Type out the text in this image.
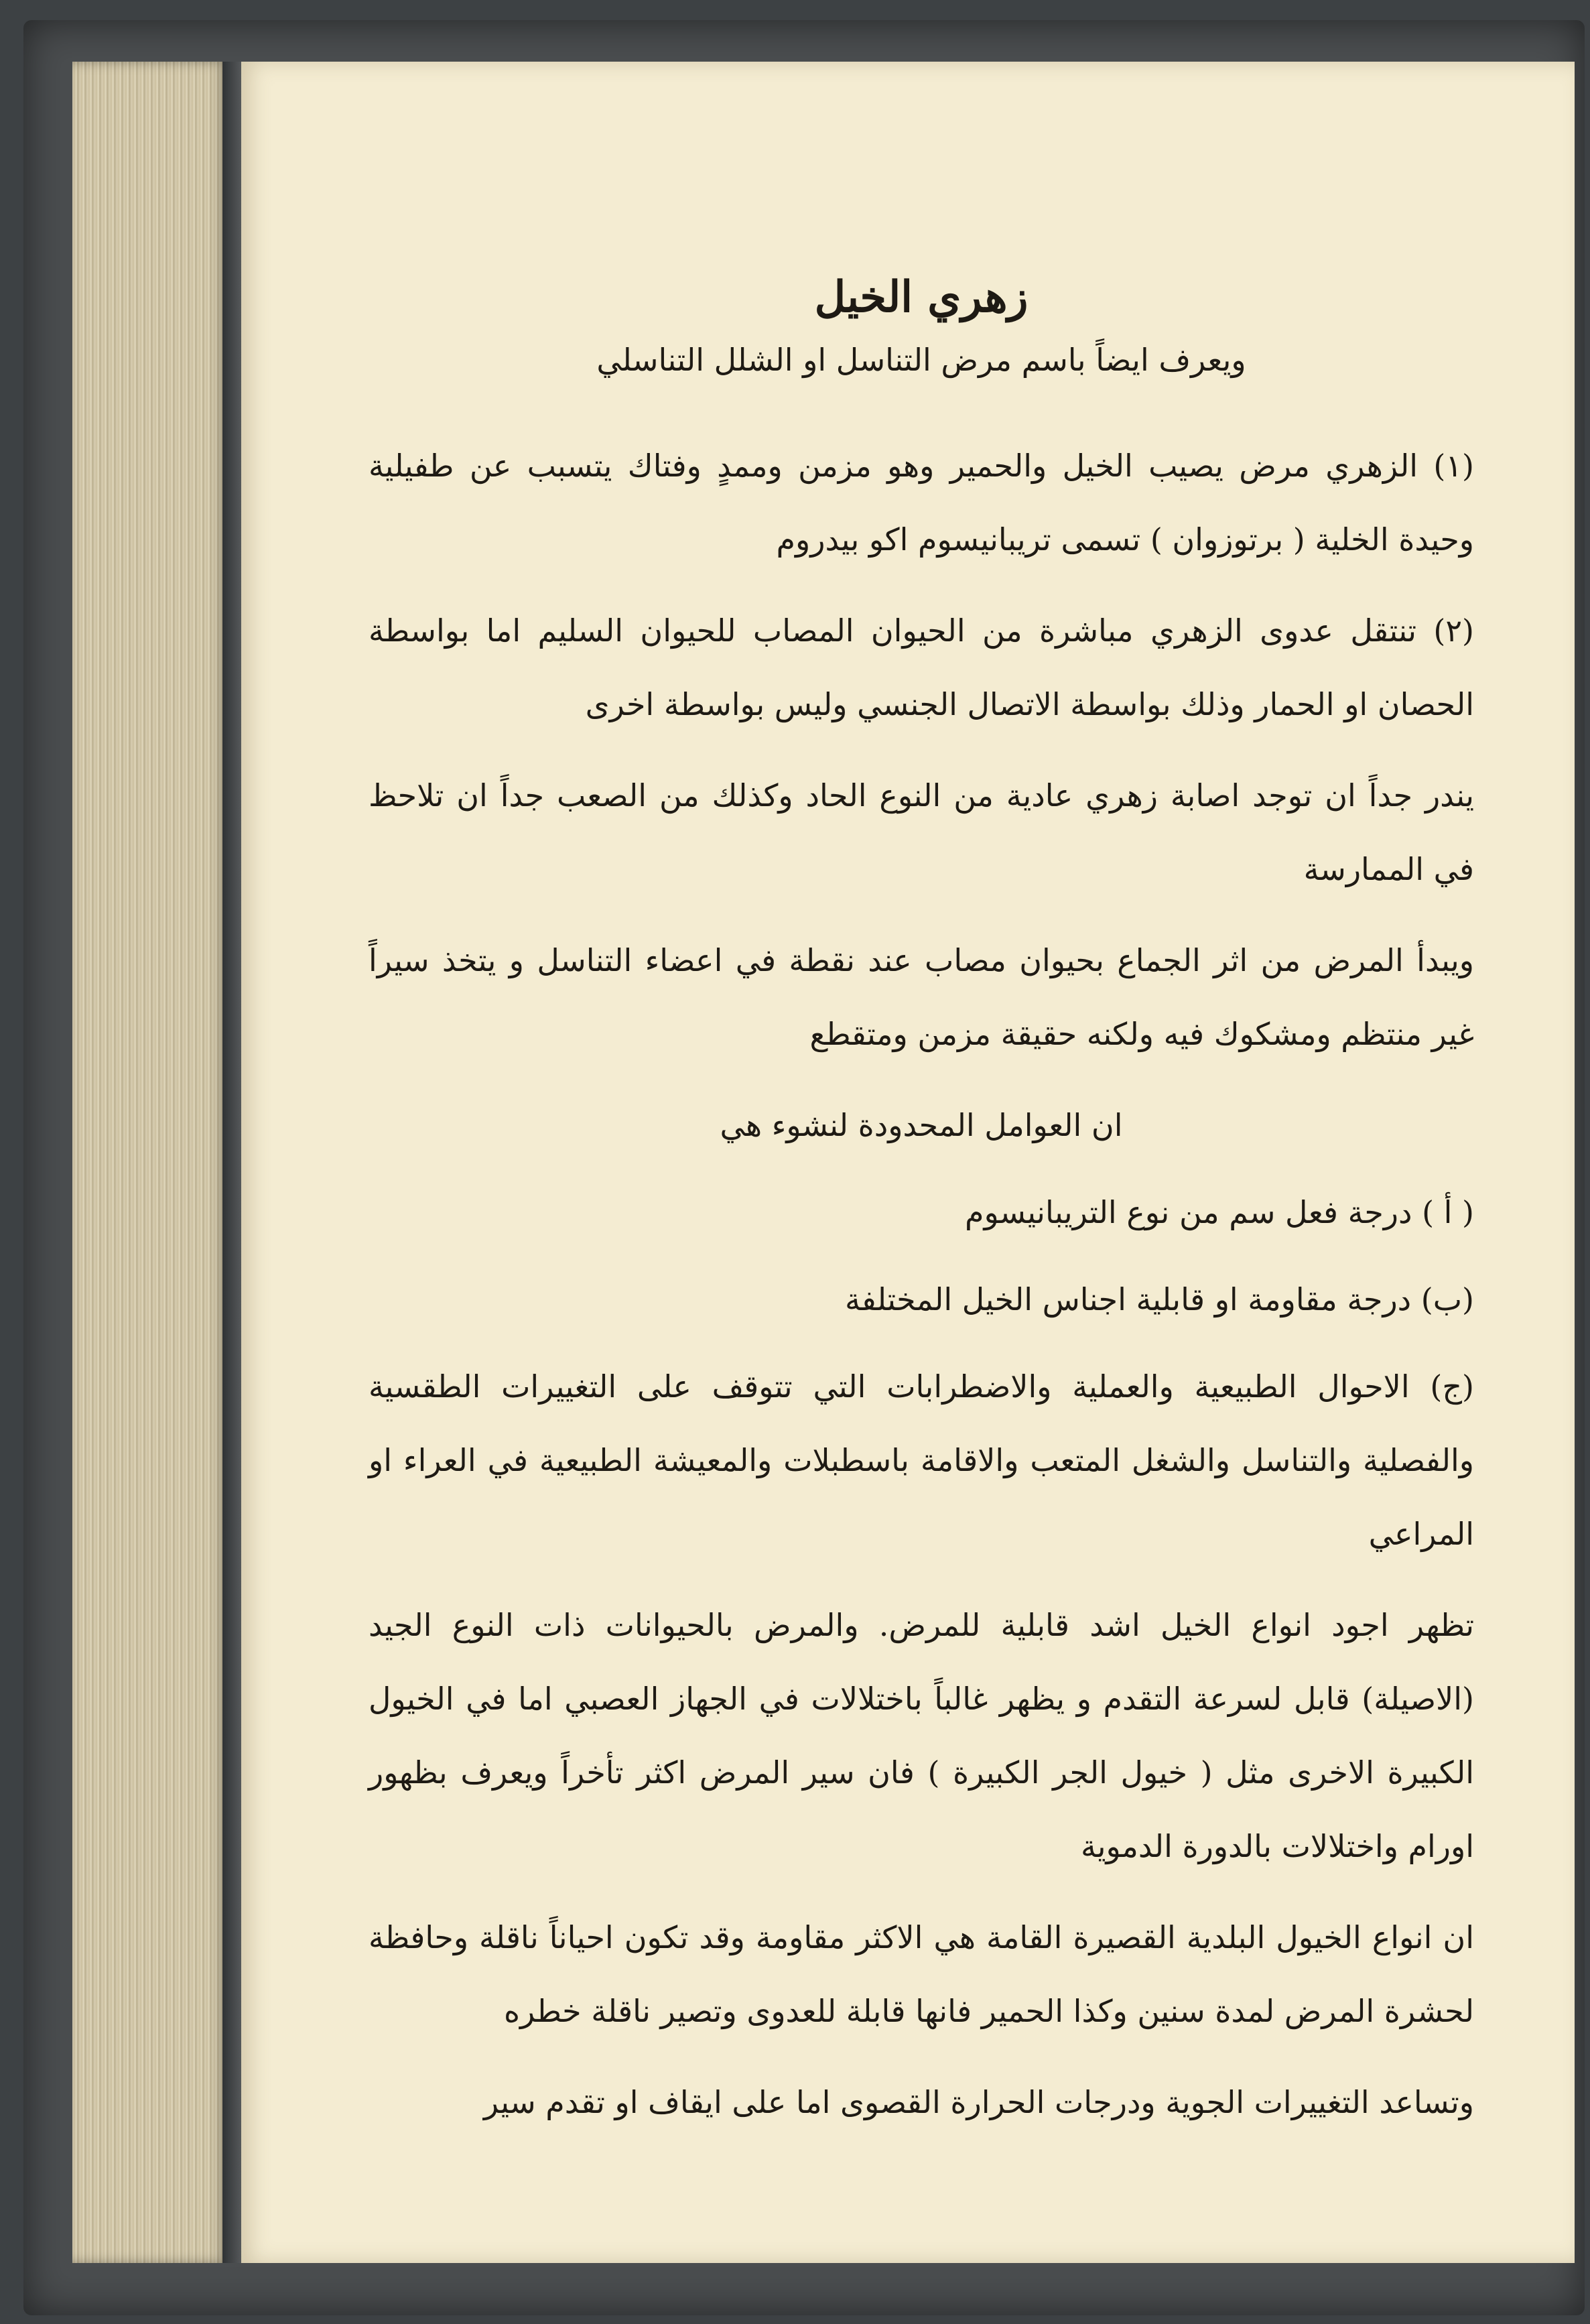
زهري الخيل
ويعرف ايضاً باسم مرض التناسل او الشلل التناسلي

(١) الزهري مرض يصيب الخيل والحمير وهو مزمن وممدٍ وفتاك يتسبب عن طفيلية وحيدة الخلية ( برتوزوان ) تسمى تريبانيسوم اكو بيدروم

(٢) تنتقل عدوى الزهري مباشرة من الحيوان المصاب للحيوان السليم اما بواسطة الحصان او الحمار وذلك بواسطة الاتصال الجنسي وليس بواسطة اخرى

يندر جداً ان توجد اصابة زهري عادية من النوع الحاد وكذلك من الصعب جداً ان تلاحظ في الممارسة

ويبدأ المرض من اثر الجماع بحيوان مصاب عند نقطة في اعضاء التناسل و يتخذ سيراً غير منتظم ومشكوك فيه ولكنه حقيقة مزمن ومتقطع

ان العوامل المحدودة لنشوء هي
( أ ) درجة فعل سم من نوع التريبانيسوم
(ب) درجة مقاومة او قابلية اجناس الخيل المختلفة

(ج) الاحوال الطبيعية والعملية والاضطرابات التي تتوقف على التغييرات الطقسية والفصلية والتناسل والشغل المتعب والاقامة باسطبلات والمعيشة الطبيعية في العراء او المراعي

تظهر اجود انواع الخيل اشد قابلية للمرض. والمرض بالحيوانات ذات النوع الجيد (الاصيلة) قابل لسرعة التقدم و يظهر غالباً باختلالات في الجهاز العصبي اما في الخيول الكبيرة الاخرى مثل ( خيول الجر الكبيرة ) فان سير المرض اكثر تأخراً ويعرف بظهور اورام واختلالات بالدورة الدموية

ان انواع الخيول البلدية القصيرة القامة هي الاكثر مقاومة وقد تكون احياناً ناقلة وحافظة لحشرة المرض لمدة سنين وكذا الحمير فانها قابلة للعدوى وتصير ناقلة خطره

وتساعد التغييرات الجوية ودرجات الحرارة القصوى اما على ايقاف او تقدم سير
